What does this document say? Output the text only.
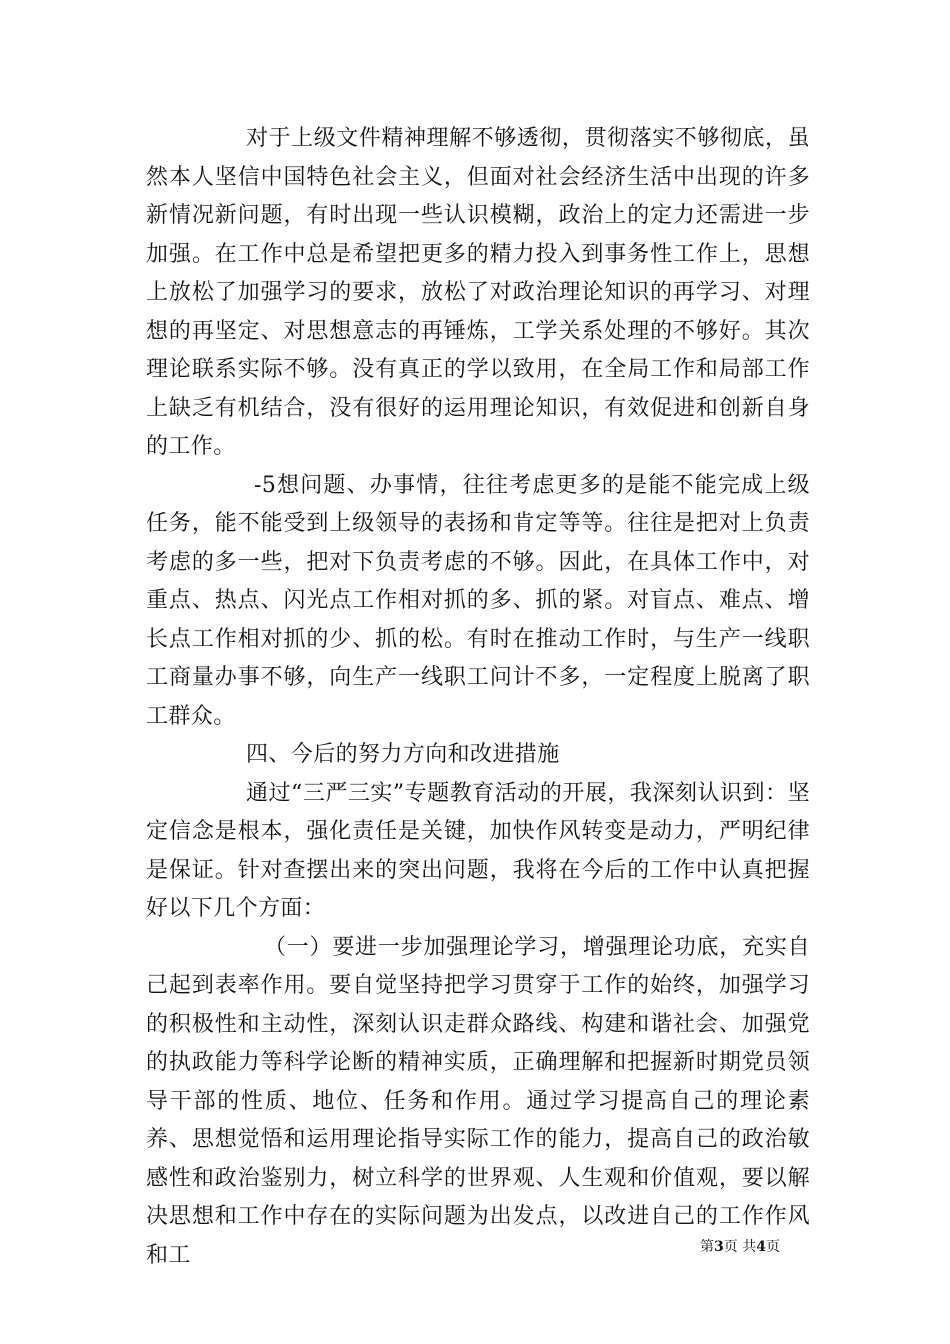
对于上级文件精神理解不够透彻，贯彻落实不够彻底，虽然本人坚信中国特色社会主义，但面对社会经济生活中出现的许多新情况新问题，有时出现一些认识模糊，政治上的定力还需进一步加强。在工作中总是希望把更多的精力投入到事务性工作上，思想上放松了加强学习的要求，放松了对政治理论知识的再学习、对理想的再坚定、对思想意志的再锤炼，工学关系处理的不够好。其次理论联系实际不够。没有真正的学以致用，在全局工作和局部工作上缺乏有机结合，没有很好的运用理论知识，有效促进和创新自身的工作。

-5想问题、办事情，往往考虑更多的是能不能完成上级任务，能不能受到上级领导的表扬和肯定等等。往往是把对上负责考虑的多一些，把对下负责考虑的不够。因此，在具体工作中，对重点、热点、闪光点工作相对抓的多、抓的紧。对盲点、难点、增长点工作相对抓的少、抓的松。有时在推动工作时，与生产一线职工商量办事不够，向生产一线职工问计不多，一定程度上脱离了职工群众。

四、今后的努力方向和改进措施

通过“三严三实”专题教育活动的开展，我深刻认识到：坚定信念是根本，强化责任是关键，加快作风转变是动力，严明纪律是保证。针对查摆出来的突出问题，我将在今后的工作中认真把握好以下几个方面：

（一）要进一步加强理论学习，增强理论功底，充实自己起到表率作用。要自觉坚持把学习贯穿于工作的始终，加强学习的积极性和主动性，深刻认识走群众路线、构建和谐社会、加强党的执政能力等科学论断的精神实质，正确理解和把握新时期党员领导干部的性质、地位、任务和作用。通过学习提高自己的理论素养、思想觉悟和运用理论指导实际工作的能力，提高自己的政治敏感性和政治鉴别力，树立科学的世界观、人生观和价值观，要以解决思想和工作中存在的实际问题为出发点，以改进自己的工作作风和工	第3页 共4页
